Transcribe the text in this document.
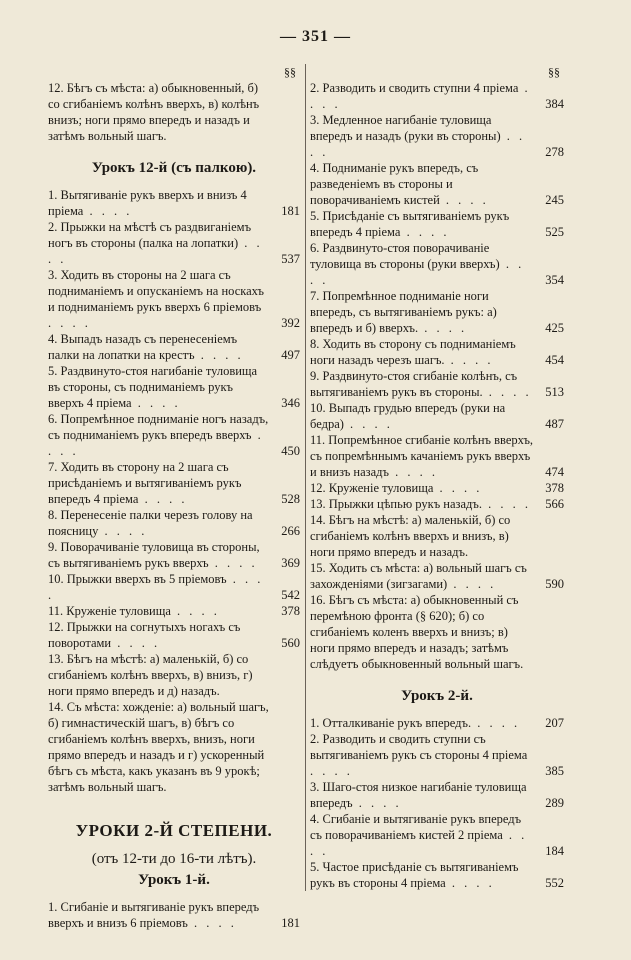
— 351 —
§§
12. Бѣгъ съ мѣста: а) обыкновенный, б) со сгибаніемъ колѣнъ вверхъ, в) колѣнъ внизъ; ноги прямо впередъ и назадъ и затѣмъ вольный шагъ.
Урокъ 12-й (съ палкою).
1. Вытягиваніе рукъ вверхъ и внизъ 4 пріема . . . .	181
2. Прыжки на мѣстѣ съ раздвиганіемъ ногъ въ стороны (палка на лопатки) . . . .	537
3. Ходить въ стороны на 2 шага съ подниманіемъ и опусканіемъ на носкахъ и подниманіемъ рукъ вверхъ 6 пріемовъ . . . .	392
4. Выпадъ назадъ съ перенесеніемъ палки на лопатки на крестъ . . . .	497
5. Раздвинуто-стоя нагибаніе туловища въ стороны, съ подниманіемъ рукъ вверхъ 4 пріема . . . .	346
6. Попремѣнное подниманіе ногъ назадъ, съ подниманіемъ рукъ впередъ вверхъ . . . .	450
7. Ходить въ сторону на 2 шага съ присѣданіемъ и вытягиваніемъ рукъ впередъ 4 пріема . . . .	528
8. Перенесеніе палки черезъ голову на поясницу . . . .	266
9. Поворачиваніе туловища въ стороны, съ вытягиваніемъ рукъ вверхъ . . . .	369
10. Прыжки вверхъ въ 5 пріемовъ . . . .	542
11. Круженіе туловища . . . .	378
12. Прыжки на согнутыхъ ногахъ съ поворотами . . . .	560
13. Бѣгъ на мѣстѣ: а) маленькій, б) со сгибаніемъ колѣнъ вверхъ, в) внизъ, г) ноги прямо впередъ и д) назадъ.
14. Съ мѣста: хожденіе: а) вольный шагъ, б) гимнастическій шагъ, в) бѣгъ со сгибаніемъ колѣнъ вверхъ, внизъ, ноги прямо впередъ и назадъ и г) ускоренный бѣгъ съ мѣста, какъ указанъ въ 9 урокѣ; затѣмъ вольный шагъ.
УРОКИ 2-Й СТЕПЕНИ.
(отъ 12-ти до 16-ти лѣтъ).
Урокъ 1-й.
1. Сгибаніе и вытягиваніе рукъ впередъ вверхъ и внизъ 6 пріемовъ . . . .	181
§§
2. Разводить и сводить ступни 4 пріема . . . .	384
3. Медленное нагибаніе туловища впередъ и назадъ (руки въ стороны) . . . .	278
4. Подниманіе рукъ впередъ, съ разведеніемъ въ стороны и поворачиваніемъ кистей . . . .	245
5. Присѣданіе съ вытягиваніемъ рукъ впередъ 4 пріема . . . .	525
6. Раздвинуто-стоя поворачиваніе туловища въ стороны (руки вверхъ) . . . .	354
7. Попремѣнное подниманіе ноги впередъ, съ вытягиваніемъ рукъ: а) впередъ и б) вверхъ. . . . .	425
8. Ходить въ сторону съ подниманіемъ ноги назадъ черезъ шагъ. . . . .	454
9. Раздвинуто-стоя сгибаніе колѣнъ, съ вытягиваніемъ рукъ въ стороны. . . . .	513
10. Выпадъ грудью впередъ (руки на бедра) . . . .	487
11. Попремѣнное сгибаніе колѣнъ вверхъ, съ попремѣннымъ качаніемъ рукъ вверхъ и внизъ назадъ . . . .	474
12. Круженіе туловища . . . .	378
13. Прыжки цѣпью рукъ назадъ. . . . .	566
14. Бѣгъ на мѣстѣ: а) маленькій, б) со сгибаніемъ колѣнъ вверхъ и внизъ, в) ноги прямо впередъ и назадъ.
15. Ходить съ мѣста: а) вольный шагъ съ захожденіями (зигзагами) . . . .	590
16. Бѣгъ съ мѣста: а) обыкновенный съ перемѣною фронта (§ 620); б) со сгибаніемъ коленъ вверхъ и внизъ; в) ноги прямо впередъ и назадъ; затѣмъ слѣдуетъ обыкновенный вольный шагъ.
Урокъ 2-й.
1. Отталкиваніе рукъ впередъ. . . . .	207
2. Разводить и сводить ступни съ вытягиваніемъ рукъ съ стороны 4 пріема . . . .	385
3. Шаго-стоя низкое нагибаніе туловища впередъ . . . .	289
4. Сгибаніе и вытягиваніе рукъ впередъ съ поворачиваніемъ кистей 2 пріема . . . .	184
5. Частое присѣданіе съ вытягиваніемъ рукъ въ стороны 4 пріема . . . .	552
